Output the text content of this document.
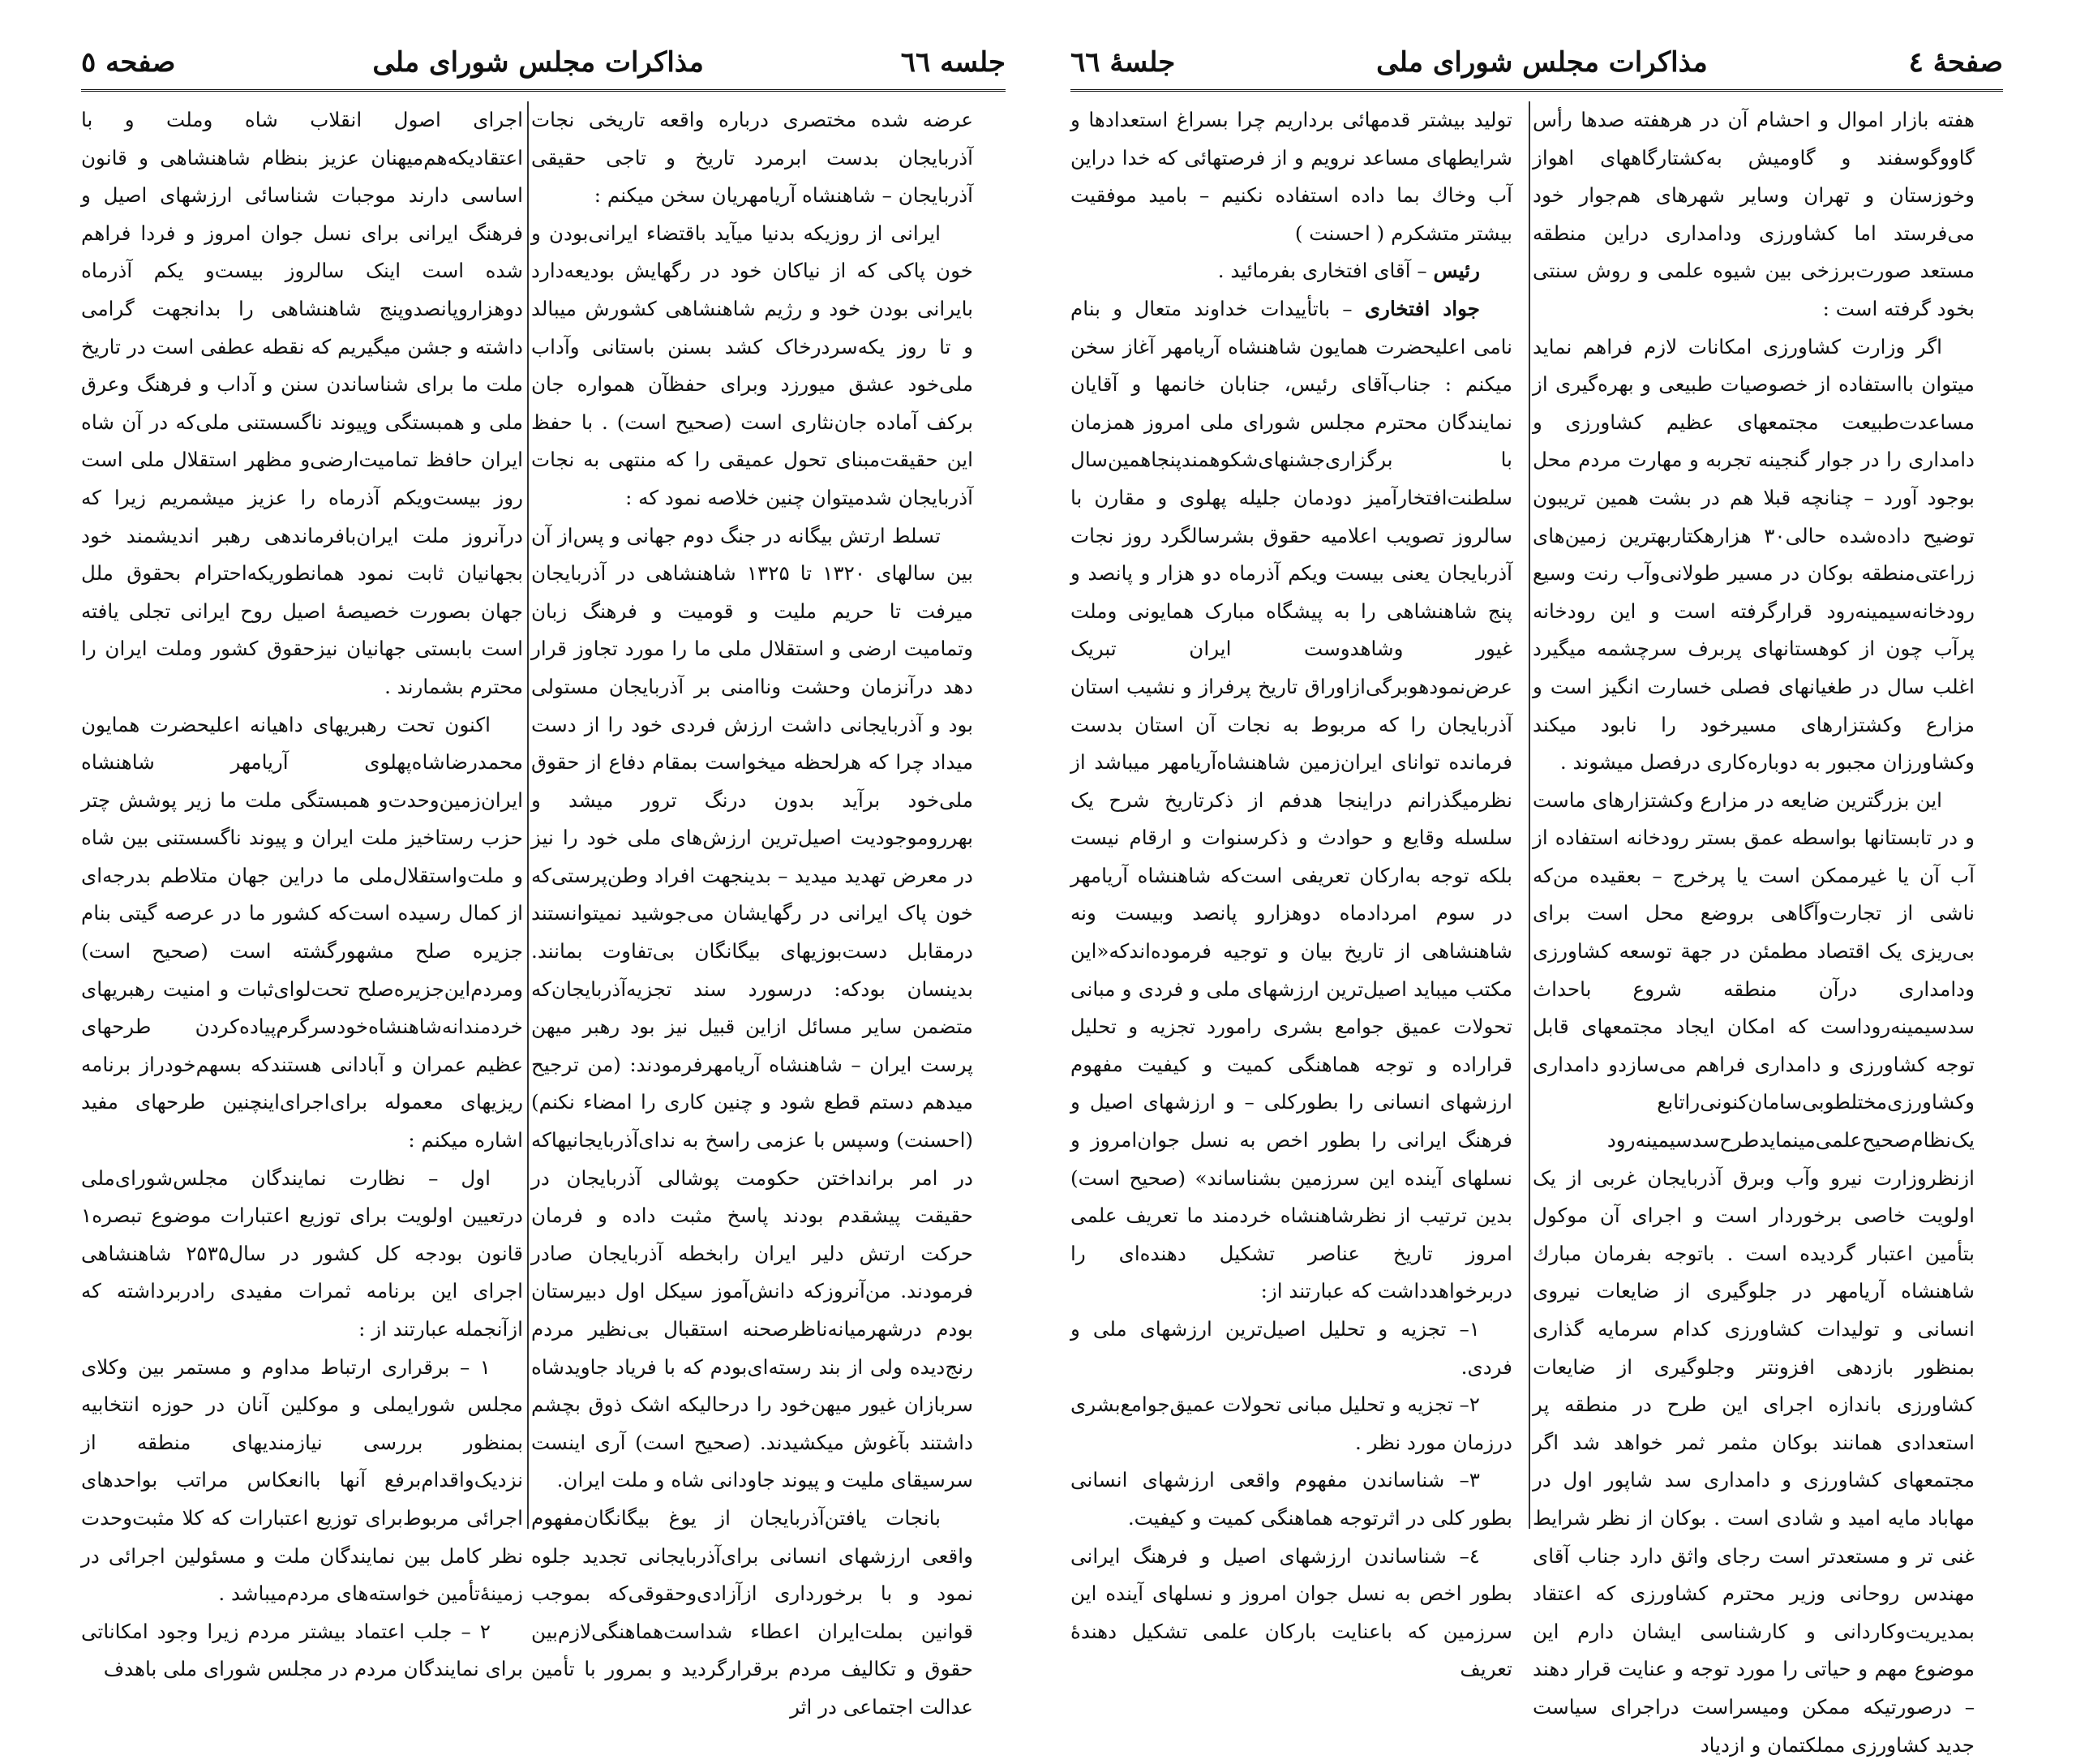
جلسه ٦٦
مذاکرات مجلس شورای ملی
صفحه ٥

عرضه شده مختصری دربار‌ه واقعه تاریخی نجات آذربایجان بدست ابرمرد تاریخ و تاجی حقیقی آذربایجان – شاهنشاه آریامهریان سخن میکنم :

ایرانی از روزیکه بدنیا میآید باقتضاء ایرانی‌بودن و خون پاکی که از نیاکان خود در رگهایش بودیعه‌دارد بایرانی بودن خود و رژیم شاهنشاهی کشورش میبالد و تا روز یکه‌سردرخاک کشد بسنن باستانی وآداب ملی‌خود عشق میورزد وبرای حفظآن همواره جان برکف آماده جان‌نثاری است (صحیح است) . با حفظ این حقیقت‌مبنای تحول عمیقی را که منتهی به نجات آذربایجان شدمیتوان چنین خلاصه نمود که :

تسلط ارتش بیگانه در جنگ دوم جهانی و پس‌از آن بین سالهای ۱۳۲۰ تا ۱۳۲۵ شاهنشاهی در آذربایجان میرفت تا حریم ملیت و قومیت و فرهنگ زبان وتمامیت ارضی و استقلال ملی ما را مورد تجاوز قرار دهد درآنزمان وحشت وناامنی بر آذربایجان مستولی بود و آذربایجانی داشت ارزش فردی خود را از دست میداد چرا که هرلحظه میخواست بمقام دفاع از حقوق ملی‌خود برآید بدون درنگ ترور میشد و بهرروموجودیت اصیل‌ترین ارزش‌های ملی خود را نیز در معرض تهدید میدید – بدینجهت افراد وطن‌پرستی‌که خون پاک ایرانی در رگهایشان می‌جوشید نمیتوانستند درمقابل دست‌بوزیهای بیگانگان بی‌تفاوت بمانند. بدینسان بودکه: درسورد سند تجزیه‌آذربایجان‌که متضمن سایر مسائل ازاین قبیل نیز بود رهبر میهن پرست ایران – شاهنشاه آریامهرفرمودند: (من ترجیح میدهم دستم قطع شود و چنین کاری را امضاء نکنم) (احسنت) وسپس با عزمی راسخ به ندای‌آذربایجانیها‌که در امر براندا‌ختن حکومت پوشالی آذربایجان در حقیقت پیشقدم بودند پاسخ مثبت داده و فرمان حرکت ارتش دلیر ایران رابخطه آذربایجان صادر فرمودند. من‌آنروزکه دانش‌آموز سیکل اول دبیرستان بودم درشهرمیانه‌ناظرصحنه استقبال بی‌نظیر مردم رنج‌دیده ولی از بند رسته‌ای‌بودم که با فریاد جاویدشاه سربازان غیور میهن‌خود را درحالیکه اشک ذوق بچشم داشتند بآغوش میکشیدند. (صحیح است) آری اینست سرسیقای ملیت و پیوند جاودانی شاه و ملت ایران.

بانجات یافتن‌آذربایجان از یوغ بیگانگان‌مفهوم واقعی ارزشهای انسانی برای‌آذربایجانی تجدید جلوه نمود و با برخورداری ازآزادی‌وحقوقی‌که بموجب قوانین بملت‌ایران اعطاء شداست‌هماهنگی‌لازم‌بین حقوق و تکالیف مردم برقرارگردید و بمرور با تأمین عدالت اجتماعی در اثر

اجرای اصول انقلاب شاه وملت و با اعتقادیکه‌هم‌میهنان عزیز بنظام شاهنشاهی و قانون اساسی دارند موجبات شناسائی ارزشهای اصیل و فرهنگ ایرانی برای نسل جوان امروز و فردا فراهم شده است اینک سالروز بیست‌و یکم آذرماه دوهزاروپانصدوپنج شاهنشاهی را بدانجهت گرامی داشته و جشن میگیریم که نقطه عطفی است در تاریخ ملت ما برای شناساندن سنن و آداب و فرهنگ وعرق ملی و همبستگی وپیوند ناگسستنی ملی‌که در آن شاه ایران حافظ تمامیت‌ارضی‌و مظهر استقلال ملی است روز بیست‌ویکم آذرماه را عزیز میشمریم زیرا که درآنروز ملت ایران‌بافرماندهی رهبر اندیشمند خود بجهانیان ثابت نمود همانطوریکه‌احترام بحقوق ملل جهان بصورت خصیصهٔ اصیل روح ایرانی تجلی یافته است بابستی جهانیان نیزحقوق کشور وملت ایران را محترم بشمارند .

اکنون تحت رهبریهای داهیانه اعلیحضرت همایون محمدرضاشاه‌پهلوی آریامهر شاهنشاه ایران‌زمین‌وحدت‌و همبستگی ملت ما زیر پوشش چتر حزب رستاخیز ملت ایران و پیوند ناگسستنی بین شاه و ملت‌واستقلال‌ملی ما دراین جهان متلاطم بدرجه‌ای از کمال رسیده است‌که کشور ما در عرصه گیتی بنام جزیره صلح مشهورگشته است (صحیح است) ومردم‌این‌جزیره‌صلح تحت‌لوای‌ثبات و امنیت رهبریهای خردمندانه‌شاهنشاه‌خودسرگرم‌پیاده‌کردن طرحهای عظیم عمران و آبادانی هستندکه بسهم‌خودراز برنامه ریزیهای معموله برای‌اجرای‌اینچنین طرحهای مفید اشاره میکنم :

اول – نظارت نمایندگان مجلس‌شورای‌ملی درتعیین اولویت برای توزیع اعتبارات موضوع تبصره۱ قانون بودجه کل کشور در سال۲۵۳۵ شاهنشاهی اجرای این برنامه ثمرات مفیدی رادربرداشته که ازآنجمله عبارتند از :

۱ – برقراری ارتباط مداوم و مستمر بین وکلای مجلس شورایملی و موکلین آنان در حوزه انتخابیه بمنظور بررسی نیازمندیهای منطقه از نزدیک‌واقدام‌برفع آنها باانعکاس مراتب بواحدهای اجرائی مربوط‌برای توزیع اعتبارات که کلا مثبت‌وحدت نظر کامل بین نمایندگان ملت و مسئولین اجرائی در زمینهٔ‌تأمین خواسته‌های مردم‌میباشد .

۲ – جلب اعتماد بیشتر مردم زیرا وجود امکاناتی برای نمایندگان مردم در مجلس شورای ملی باهدف

صفحهٔ ٤
مذاکرات مجلس شورای ملی
جلسهٔ ٦٦

تولید بیشتر قدمهائی برداریم چرا بسراغ استعدادها و شرایطهای مساعد نرویم و از فرصتهائی که خدا دراین آب وخاك بما داده استفاده نکنیم – باميد موفقیت بیشتر متشکرم ( احسنت )

رئیس – آقای افتخاری بفرمائید .

جواد افتخاری – باتأییدات خداوند متعال و بنام نامی اعلیحضرت همایون شاهنشاه آریامهر آغاز سخن میکنم : جناب‌آقای رئیس، جنابان خانمها و آقایان نمایندگان محترم مجلس شورای ملی امروز همزمان با برگزاری‌جشنهای‌شکوهمندپنجاهمین‌سال سلطنت‌افتخارآمیز دودمان جلیله پهلوی و مقارن با سالروز تصویب اعلامیه حقوق بشرسالگرد روز نجات آذربایجان یعنی بیست ویکم آذرماه دو هزار و پانصد و پنج شاهنشاهی را به پیشگاه مبارک همایونی وملت غیور وشاهدوست ایران تبریک عرض‌نمودهو‌برگی‌ازاوراق تاریخ پرفراز و نشیب استان آذربایجان را که مربوط به نجات آن استان بدست فرمانده توانای ایران‌زمین شاهنشاه‌آریامهر میباشد از نظرمیگذرانم دراینجا هدفم از ذکرتاریخ شرح یک سلسله وقایع و حوادث و ذکرسنوات و ارقام نیست بلکه توجه به‌ارکان تعریفی است‌که شاهنشاه آریامهر در سوم امردادماه دوهزارو پانصد وبیست ونه شاهنشاهی از تاریخ بیان و توجیه فرموده‌اندکه«این مکتب میباید اصیل‌ترین ارزشهای ملی و فردی و مبانی تحولات عمیق جوامع بشری رامورد تجزیه و تحلیل قراراده و توجه هماهنگی کمیت و کیفیت مفهوم ارزشهای انسانی را بطورکلی – و ارزشهای اصیل و فرهنگ ایرانی را بطور اخص به نسل جوان‌امروز و نسلهای آینده این سرزمین بشناساند» (صحیح است) بدین ترتیب از نظرشاهنشاه خردمند ما تعریف علمی امروز تاریخ عناصر تشکیل دهنده‌ای را دربرخواهدداشت که عبارتند از:

۱– تجزیه و تحلیل اصیل‌ترین ارزشهای ملی و فردی.

۲– تجزیه و تحلیل مبانی تحولات عمیق‌جوامع‌بشری درزمان مورد نظر .

۳– شناساندن مفهوم واقعی ارزشهای انسانی بطور کلی در اثرتوجه هماهنگی کمیت و کیفیت.

٤– شناساندن ارزشهای اصیل و فرهنگ ایرانی بطور اخص به نسل جوان امروز و نسلهای آینده این سرزمین که باعنایت بارکان علمی تشکیل دهندهٔ تعریف

هفته بازار اموال و احشام آن در هرهفته صدها رأس گاووگوسفند و گاومیش به‌کشتارگاههای اهواز وخوزستان و تهران وسایر شهرهای هم‌جوار خود می‌فرستد اما کشاورزی ودامداری دراین منطقه مستعد صورت‌برزخی بین شیوه علمی و روش سنتی بخود گرفته است :

اگر وزارت کشاورزی امکانات لازم فراهم نماید میتوان بااستفاده از خصوصیات طبیعی و بهره‌گیری از مساعدت‌طبیعت مجتمعهای عظیم کشاورزی و دامداری را در جوار گنجینه تجربه و مهارت مردم محل بوجود آورد – چنانچه قبلا هم در بشت همین تریبون توضیح داده‌شده‌ حالی۳۰ هزارهکتاربهترین زمین‌های زراعتی‌منطقه بوکان در مسیر طولانی‌وآب رنت وسیع رودخانه‌سیمینه‌رود قرارگرفته است و این رودخانه پرآب چون از کوهستانهای پربرف سرچشمه میگیرد اغلب سال در طغیانهای فصلی خسارت انگیز است و مزارع وکشتزارهای مسیرخود را نابود میکند وکشاورزان مجبور به دوباره‌کاری درفصل میشوند .

این بزرگترین ضایعه در مزارع وکشتزارهای ماست و در تابستانها بواسطه عمق بستر رودخانه استفاده از آب آن یا غیرممکن است یا پرخرج – بعقیده من‌که ناشی از تجارت‌وآگاهی بروضع محل است برای بی‌ریزی یک اقتصاد مطمئن در جهة توسعه کشاورزی ودامداری درآن منطقه شروع باحداث سدسیمینه‌روداست که امکان ایجاد مجتمعهای قابل توجه کشاورزی و دامداری فراهم می‌سازدو دامداری وکشاورزی‌مختلطوبی‌سامان‌کنونی‌راتابع یک‌نظام‌صحیح‌علمی‌مینماید‌طرح‌سدسیمینه‌رود ازنظروزارت نیرو وآب وبرق آذربایجان غربی از یک اولویت خاصی برخوردار است و اجرای آن موکول بتأمین اعتبار گردیده است . باتوجه بفرمان مبارك شاهنشاه آریامهر در جلوگیری از ضایعات نیروی انسانی و تولیدات کشاورزی کدام سرمایه گذاری بمنظور بازدهی افزونتر وجلوگیری از ضایعات کشاورزی باندازه اجرای این طرح در منطقه پر استعدادی همانند بوکان مثمر ثمر خواهد شد اگر مجتمعهای کشاورزی و دامداری سد شاپور اول در مهاباد مایه امید و شادی است . بوکان از نظر شرایط غنی تر و مستعدتر است رجای واثق دارد جناب آقای مهندس روحانی وزیر محترم کشاورزی که اعتقاد بمدیریت‌وکاردانی و کارشناسی ایشان دارم این موضوع مهم و حیاتی را مورد توجه و عنایت قرار دهند – درصورتیکه ممکن ومیسراست دراجرای سیاست جدید کشاورزی مملکتمان و ازدیاد
